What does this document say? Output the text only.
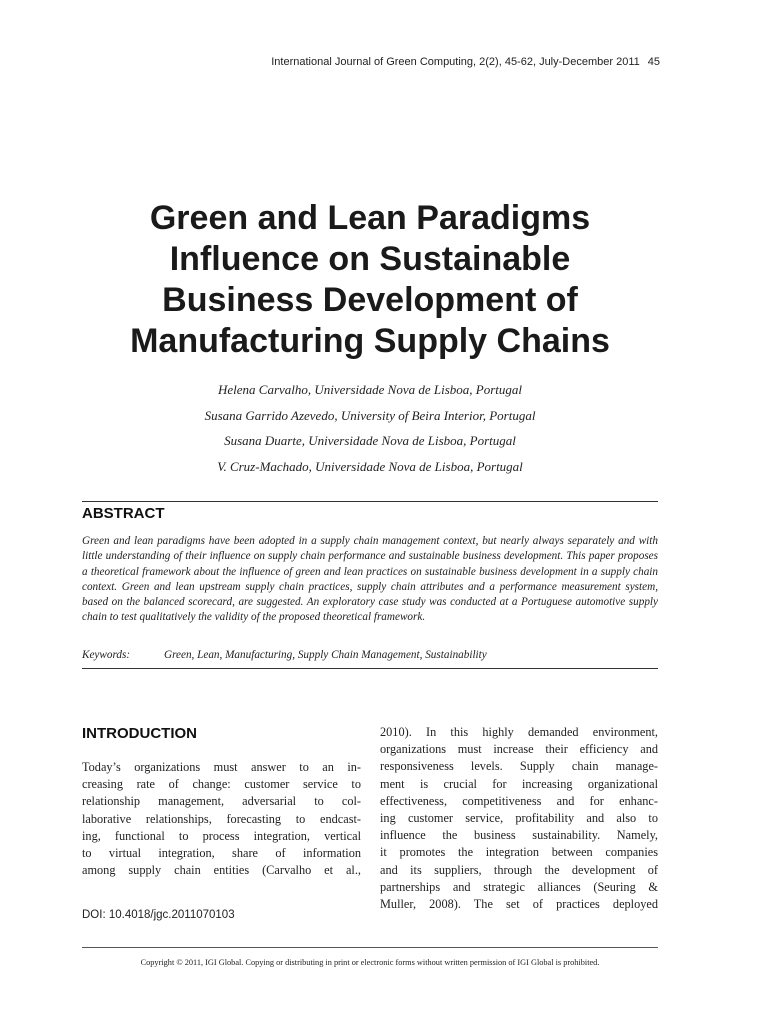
International Journal of Green Computing, 2(2), 45-62, July-December 2011 45
Green and Lean Paradigms
Influence on Sustainable
Business Development of
Manufacturing Supply Chains
Helena Carvalho, Universidade Nova de Lisboa, Portugal
Susana Garrido Azevedo, University of Beira Interior, Portugal
Susana Duarte, Universidade Nova de Lisboa, Portugal
V. Cruz-Machado, Universidade Nova de Lisboa, Portugal
ABSTRACT

Green and lean paradigms have been adopted in a supply chain management context, but nearly always separately and with little understanding of their influence on supply chain performance and sustainable business development. This paper proposes a theoretical framework about the influence of green and lean practices on sustainable business development in a supply chain context. Green and lean upstream supply chain practices, supply chain attributes and a performance measurement system, based on the balanced scorecard, are suggested. An exploratory case study was conducted at a Portuguese automotive supply chain to test qualitatively the validity of the proposed theoretical framework.

Keywords:	Green, Lean, Manufacturing, Supply Chain Management, Sustainability
INTRODUCTION
Today’s organizations must answer to an in-
creasing rate of change: customer service to
relationship management, adversarial to col-
laborative relationships, forecasting to endcast-
ing, functional to process integration, vertical
to virtual integration, share of information
among supply chain entities (Carvalho et al.,
2010). In this highly demanded environment,
organizations must increase their efficiency and
responsiveness levels. Supply chain manage-
ment is crucial for increasing organizational
effectiveness, competitiveness and for enhanc-
ing customer service, profitability and also to
influence the business sustainability. Namely,
it promotes the integration between companies
and its suppliers, through the development of
partnerships and strategic alliances (Seuring &
Muller, 2008). The set of practices deployed
DOI: 10.4018/jgc.2011070103
Copyright © 2011, IGI Global. Copying or distributing in print or electronic forms without written permission of IGI Global is prohibited.
